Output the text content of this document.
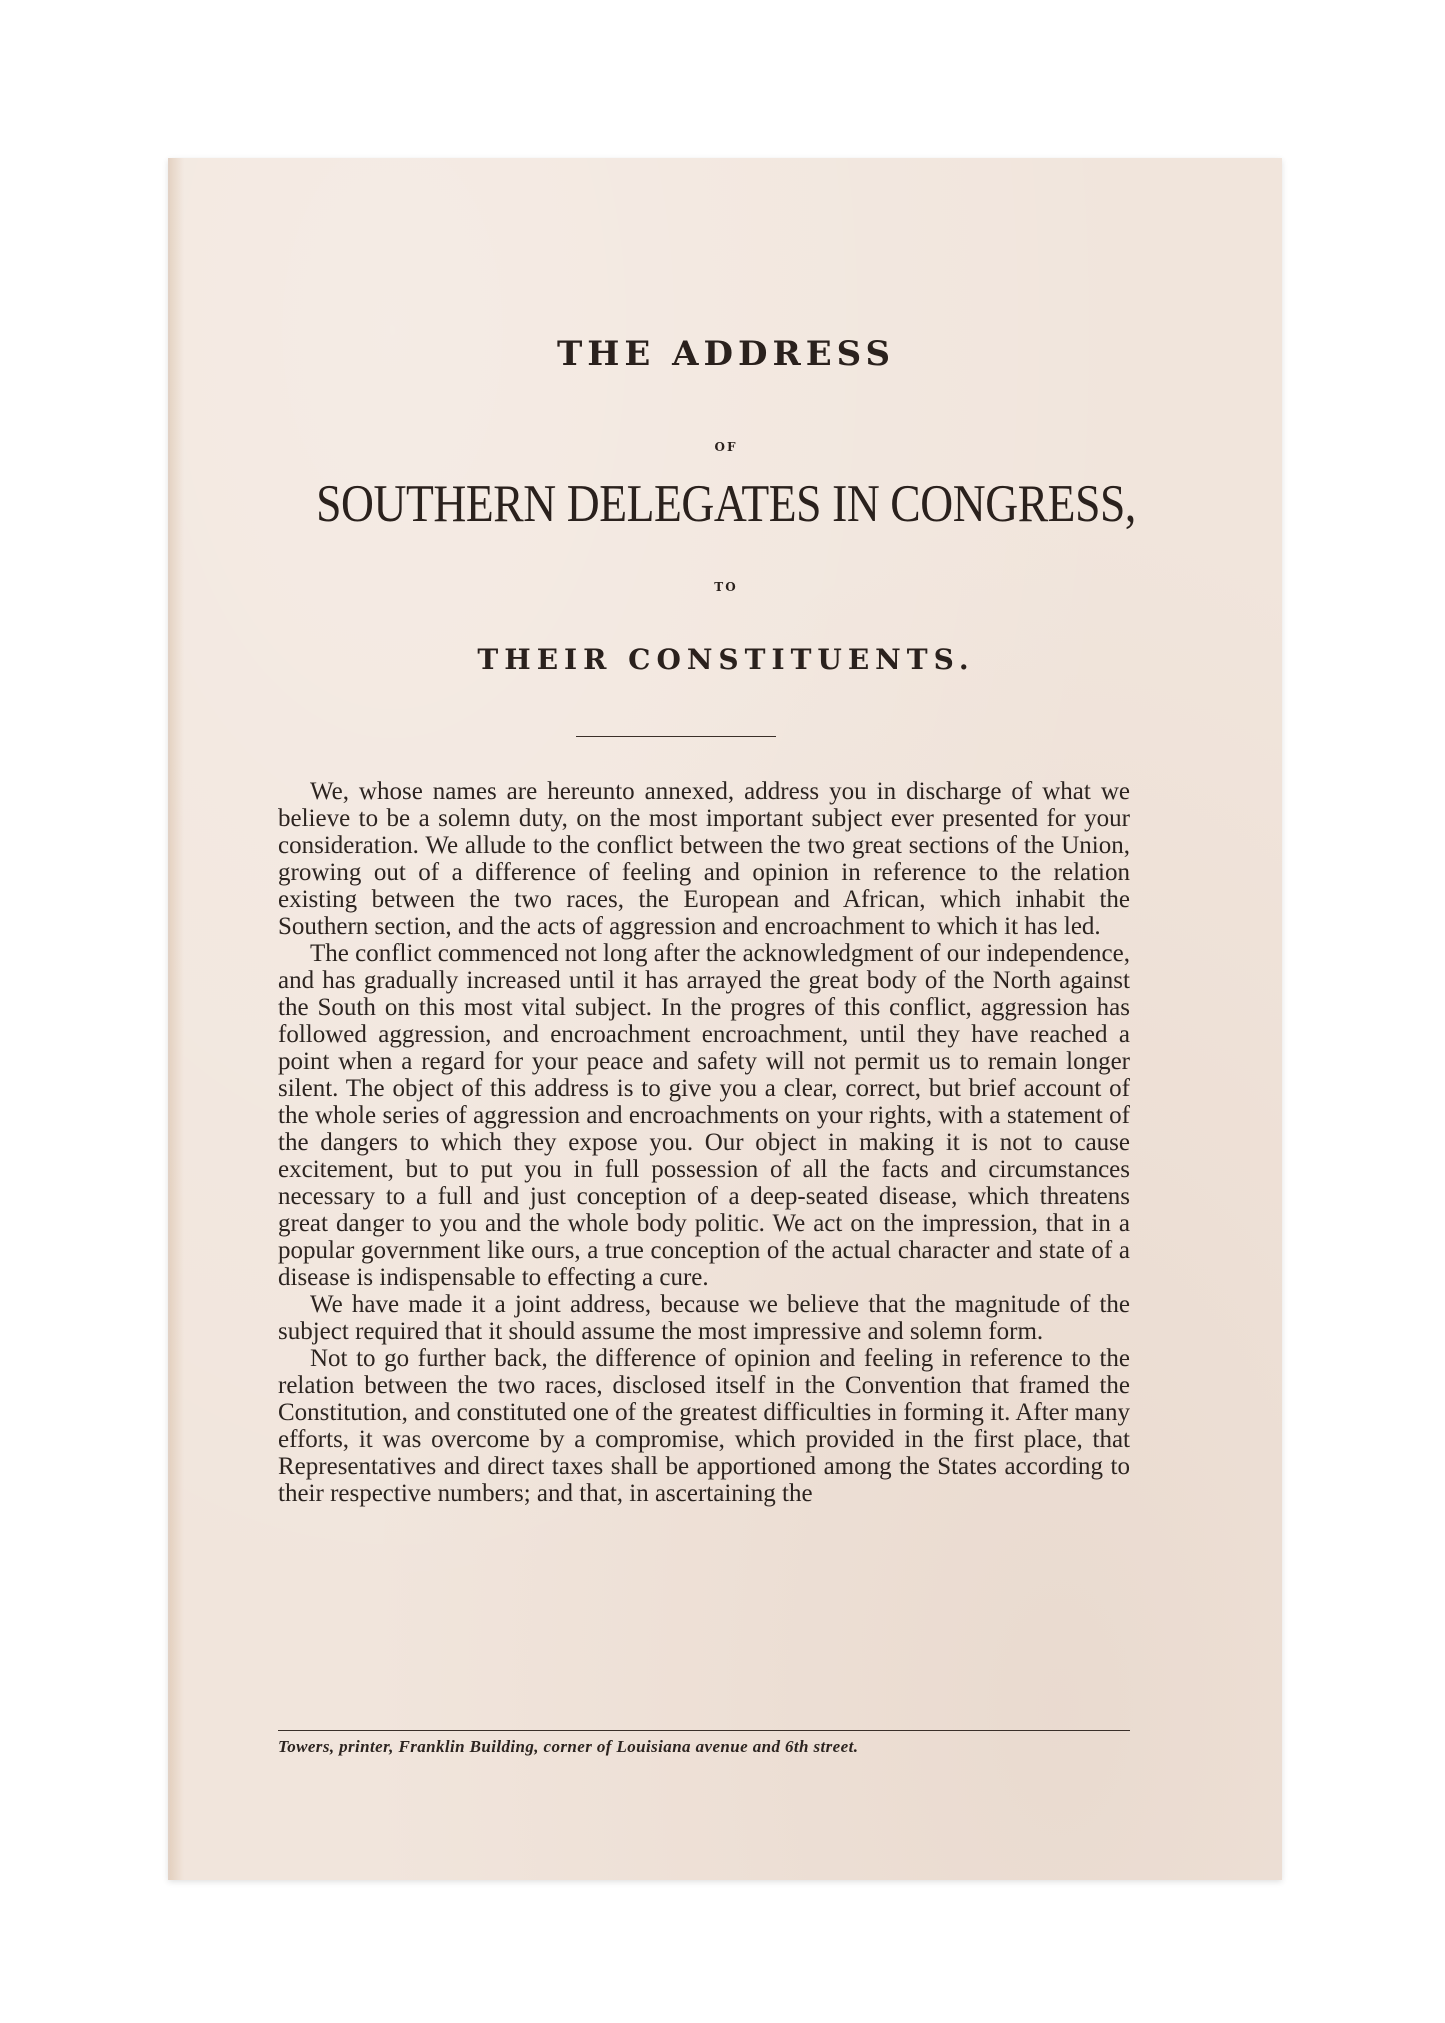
THE ADDRESS
OF
SOUTHERN DELEGATES IN CONGRESS,
TO
THEIR CONSTITUENTS.

We, whose names are hereunto annexed, address you in discharge of what we believe to be a solemn duty, on the most important subject ever presented for your consideration. We allude to the conflict between the two great sections of the Union, growing out of a difference of feeling and opinion in reference to the relation existing between the two races, the European and African, which inhabit the Southern section, and the acts of aggression and encroachment to which it has led.

The conflict commenced not long after the acknowledgment of our independence, and has gradually increased until it has arrayed the great body of the North against the South on this most vital subject. In the progres of this conflict, aggression has followed aggression, and encroachment encroachment, until they have reached a point when a regard for your peace and safety will not permit us to remain longer silent. The object of this address is to give you a clear, correct, but brief account of the whole series of aggression and encroachments on your rights, with a statement of the dangers to which they expose you. Our object in making it is not to cause excitement, but to put you in full possession of all the facts and circumstances necessary to a full and just conception of a deep-seated disease, which threatens great danger to you and the whole body politic. We act on the impression, that in a popular government like ours, a true conception of the actual character and state of a disease is indispensable to effecting a cure.

We have made it a joint address, because we believe that the magnitude of the subject required that it should assume the most impressive and solemn form.

Not to go further back, the difference of opinion and feeling in reference to the relation between the two races, disclosed itself in the Convention that framed the Constitution, and constituted one of the greatest difficulties in forming it. After many efforts, it was overcome by a compromise, which provided in the first place, that Representatives and direct taxes shall be apportioned among the States according to their respective numbers; and that, in ascertaining the

Towers, printer, Franklin Building, corner of Louisiana avenue and 6th street.
